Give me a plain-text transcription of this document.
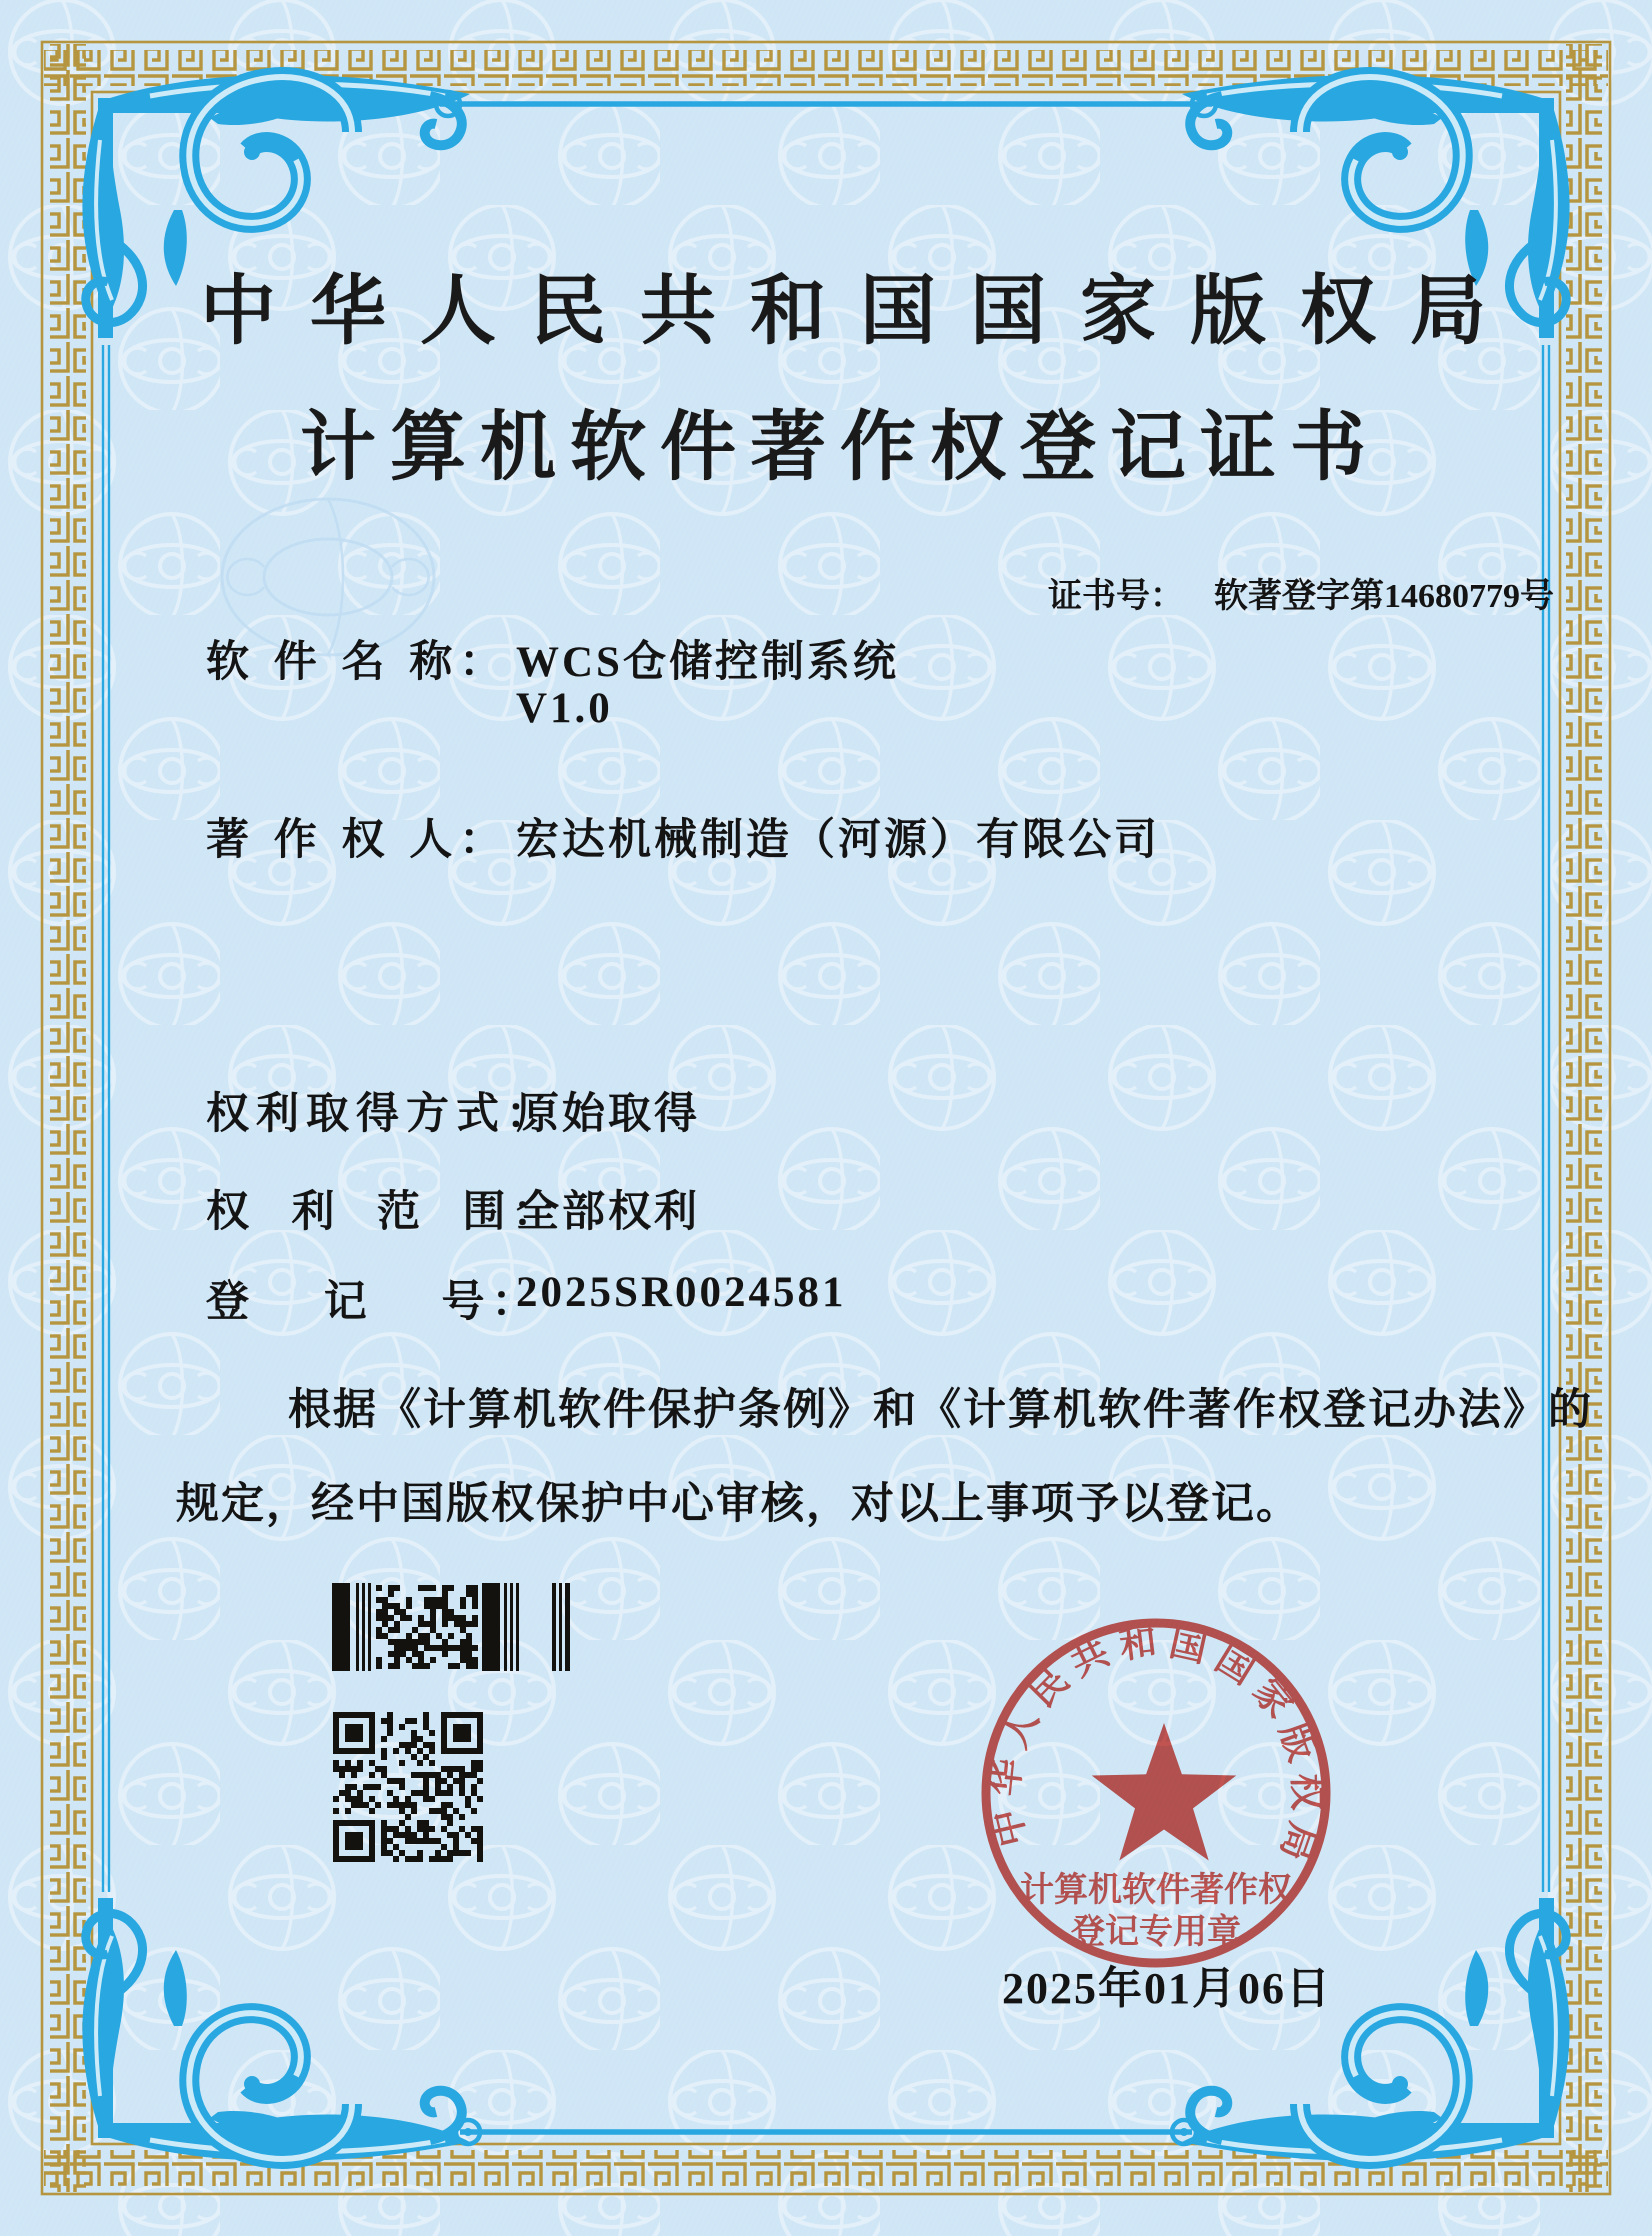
中华人民共和国国家版权局
计算机软件著作权登记证书

证书号： 软著登字第14680779号

软 件 名 称： WCS仓储控制系统
V1.0
著 作 权 人： 宏达机械制造（河源）有限公司
权利取得方式：
原始取得
权  利  范  围：
全部权利
登　 记　 号：
2025SR0024581
根据《计算机软件保护条例》和《计算机软件著作权登记办法》的
规定，经中国版权保护中心审核，对以上事项予以登记。
中华人民共和国国家版权局
计算机软件著作权
登记专用章
2025年01月06日
